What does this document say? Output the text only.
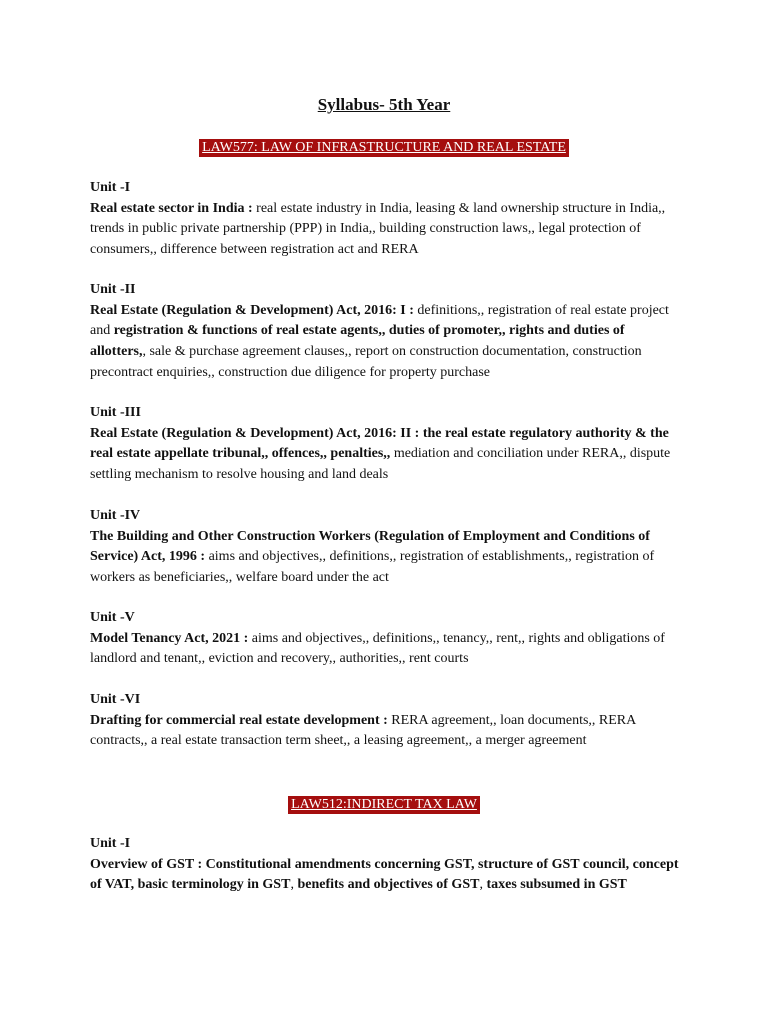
Syllabus- 5th Year
LAW577: LAW OF INFRASTRUCTURE AND REAL ESTATE
Unit -I
Real estate sector in India : real estate industry in India, leasing & land ownership structure in India,, trends in public private partnership (PPP) in India,, building construction laws,, legal protection of consumers,, difference between registration act and RERA
Unit -II
Real Estate (Regulation & Development) Act, 2016: I : definitions,, registration of real estate project and registration & functions of real estate agents,, duties of promoter,, rights and duties of allotters,, sale & purchase agreement clauses,, report on construction documentation, construction precontract enquiries,, construction due diligence for property purchase
Unit -III
Real Estate (Regulation & Development) Act, 2016: II : the real estate regulatory authority & the real estate appellate tribunal,, offences,, penalties,, mediation and conciliation under RERA,, dispute settling mechanism to resolve housing and land deals
Unit -IV
The Building and Other Construction Workers (Regulation of Employment and Conditions of Service) Act, 1996 : aims and objectives,, definitions,, registration of establishments,, registration of workers as beneficiaries,, welfare board under the act
Unit -V
Model Tenancy Act, 2021 : aims and objectives,, definitions,, tenancy,, rent,, rights and obligations of landlord and tenant,, eviction and recovery,, authorities,, rent courts
Unit -VI
Drafting for commercial real estate development : RERA agreement,, loan documents,, RERA contracts,, a real estate transaction term sheet,, a leasing agreement,, a merger agreement
LAW512:INDIRECT TAX LAW
Unit -I
Overview of GST : Constitutional amendments concerning GST, structure of GST council, concept of VAT, basic terminology in GST, benefits and objectives of GST, taxes subsumed in GST
